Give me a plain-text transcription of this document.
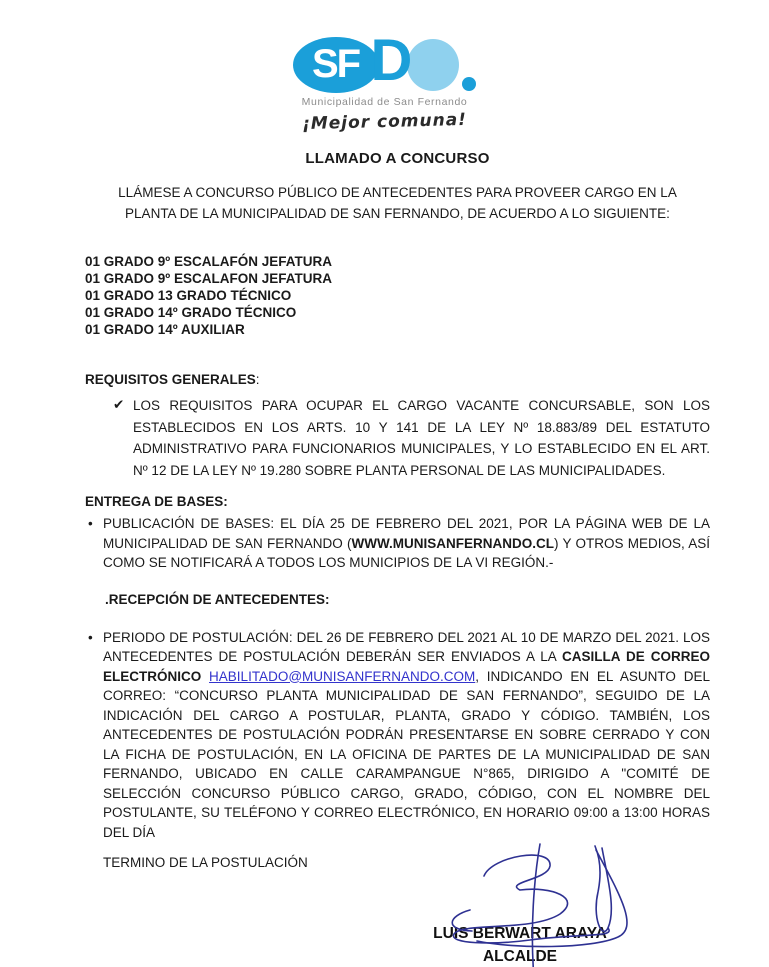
SF D
Municipalidad de San Fernando
¡Mejor comuna!
LLAMADO A CONCURSO
LLÁMESE A CONCURSO PÚBLICO DE ANTECEDENTES PARA PROVEER CARGO EN LA PLANTA DE LA MUNICIPALIDAD DE SAN FERNANDO, DE ACUERDO A LO SIGUIENTE:
01 GRADO 9º ESCALAFÓN JEFATURA
01 GRADO 9º ESCALAFON JEFATURA
01 GRADO 13 GRADO TÉCNICO
01 GRADO 14º GRADO TÉCNICO
01 GRADO 14º AUXILIAR
REQUISITOS GENERALES:
✔ LOS REQUISITOS PARA OCUPAR EL CARGO VACANTE CONCURSABLE, SON LOS ESTABLECIDOS EN LOS ARTS. 10 Y 141 DE LA LEY Nº 18.883/89 DEL ESTATUTO ADMINISTRATIVO PARA FUNCIONARIOS MUNICIPALES, Y LO ESTABLECIDO EN EL ART. Nº 12 DE LA LEY Nº 19.280 SOBRE PLANTA PERSONAL DE LAS MUNICIPALIDADES.
ENTREGA DE BASES:
• PUBLICACIÓN DE BASES: EL DÍA 25 DE FEBRERO DEL 2021, POR LA PÁGINA WEB DE LA MUNICIPALIDAD DE SAN FERNANDO (WWW.MUNISANFERNANDO.CL) Y OTROS MEDIOS, ASÍ COMO SE NOTIFICARÁ A TODOS LOS MUNICIPIOS DE LA VI REGIÓN.-
.RECEPCIÓN DE ANTECEDENTES:
• PERIODO DE POSTULACIÓN: DEL 26 DE FEBRERO DEL 2021 AL 10 DE MARZO DEL 2021. LOS ANTECEDENTES DE POSTULACIÓN DEBERÁN SER ENVIADOS A LA CASILLA DE CORREO ELECTRÓNICO HABILITADO@MUNISANFERNANDO.COM, INDICANDO EN EL ASUNTO DEL CORREO: “CONCURSO PLANTA MUNICIPALIDAD DE SAN FERNANDO”, SEGUIDO DE LA INDICACIÓN DEL CARGO A POSTULAR, PLANTA, GRADO Y CÓDIGO. TAMBIÉN, LOS ANTECEDENTES DE POSTULACIÓN PODRÁN PRESENTARSE EN SOBRE CERRADO Y CON LA FICHA DE POSTULACIÓN, EN LA OFICINA DE PARTES DE LA MUNICIPALIDAD DE SAN FERNANDO, UBICADO EN CALLE CARAMPANGUE N°865, DIRIGIDO A "COMITÉ DE SELECCIÓN CONCURSO PÚBLICO CARGO, GRADO, CÓDIGO, CON EL NOMBRE DEL POSTULANTE, SU TELÉFONO Y CORREO ELECTRÓNICO, EN HORARIO 09:00 a 13:00 HORAS DEL DÍA
TERMINO DE LA POSTULACIÓN
LUIS BERWART ARAYA
ALCALDE
